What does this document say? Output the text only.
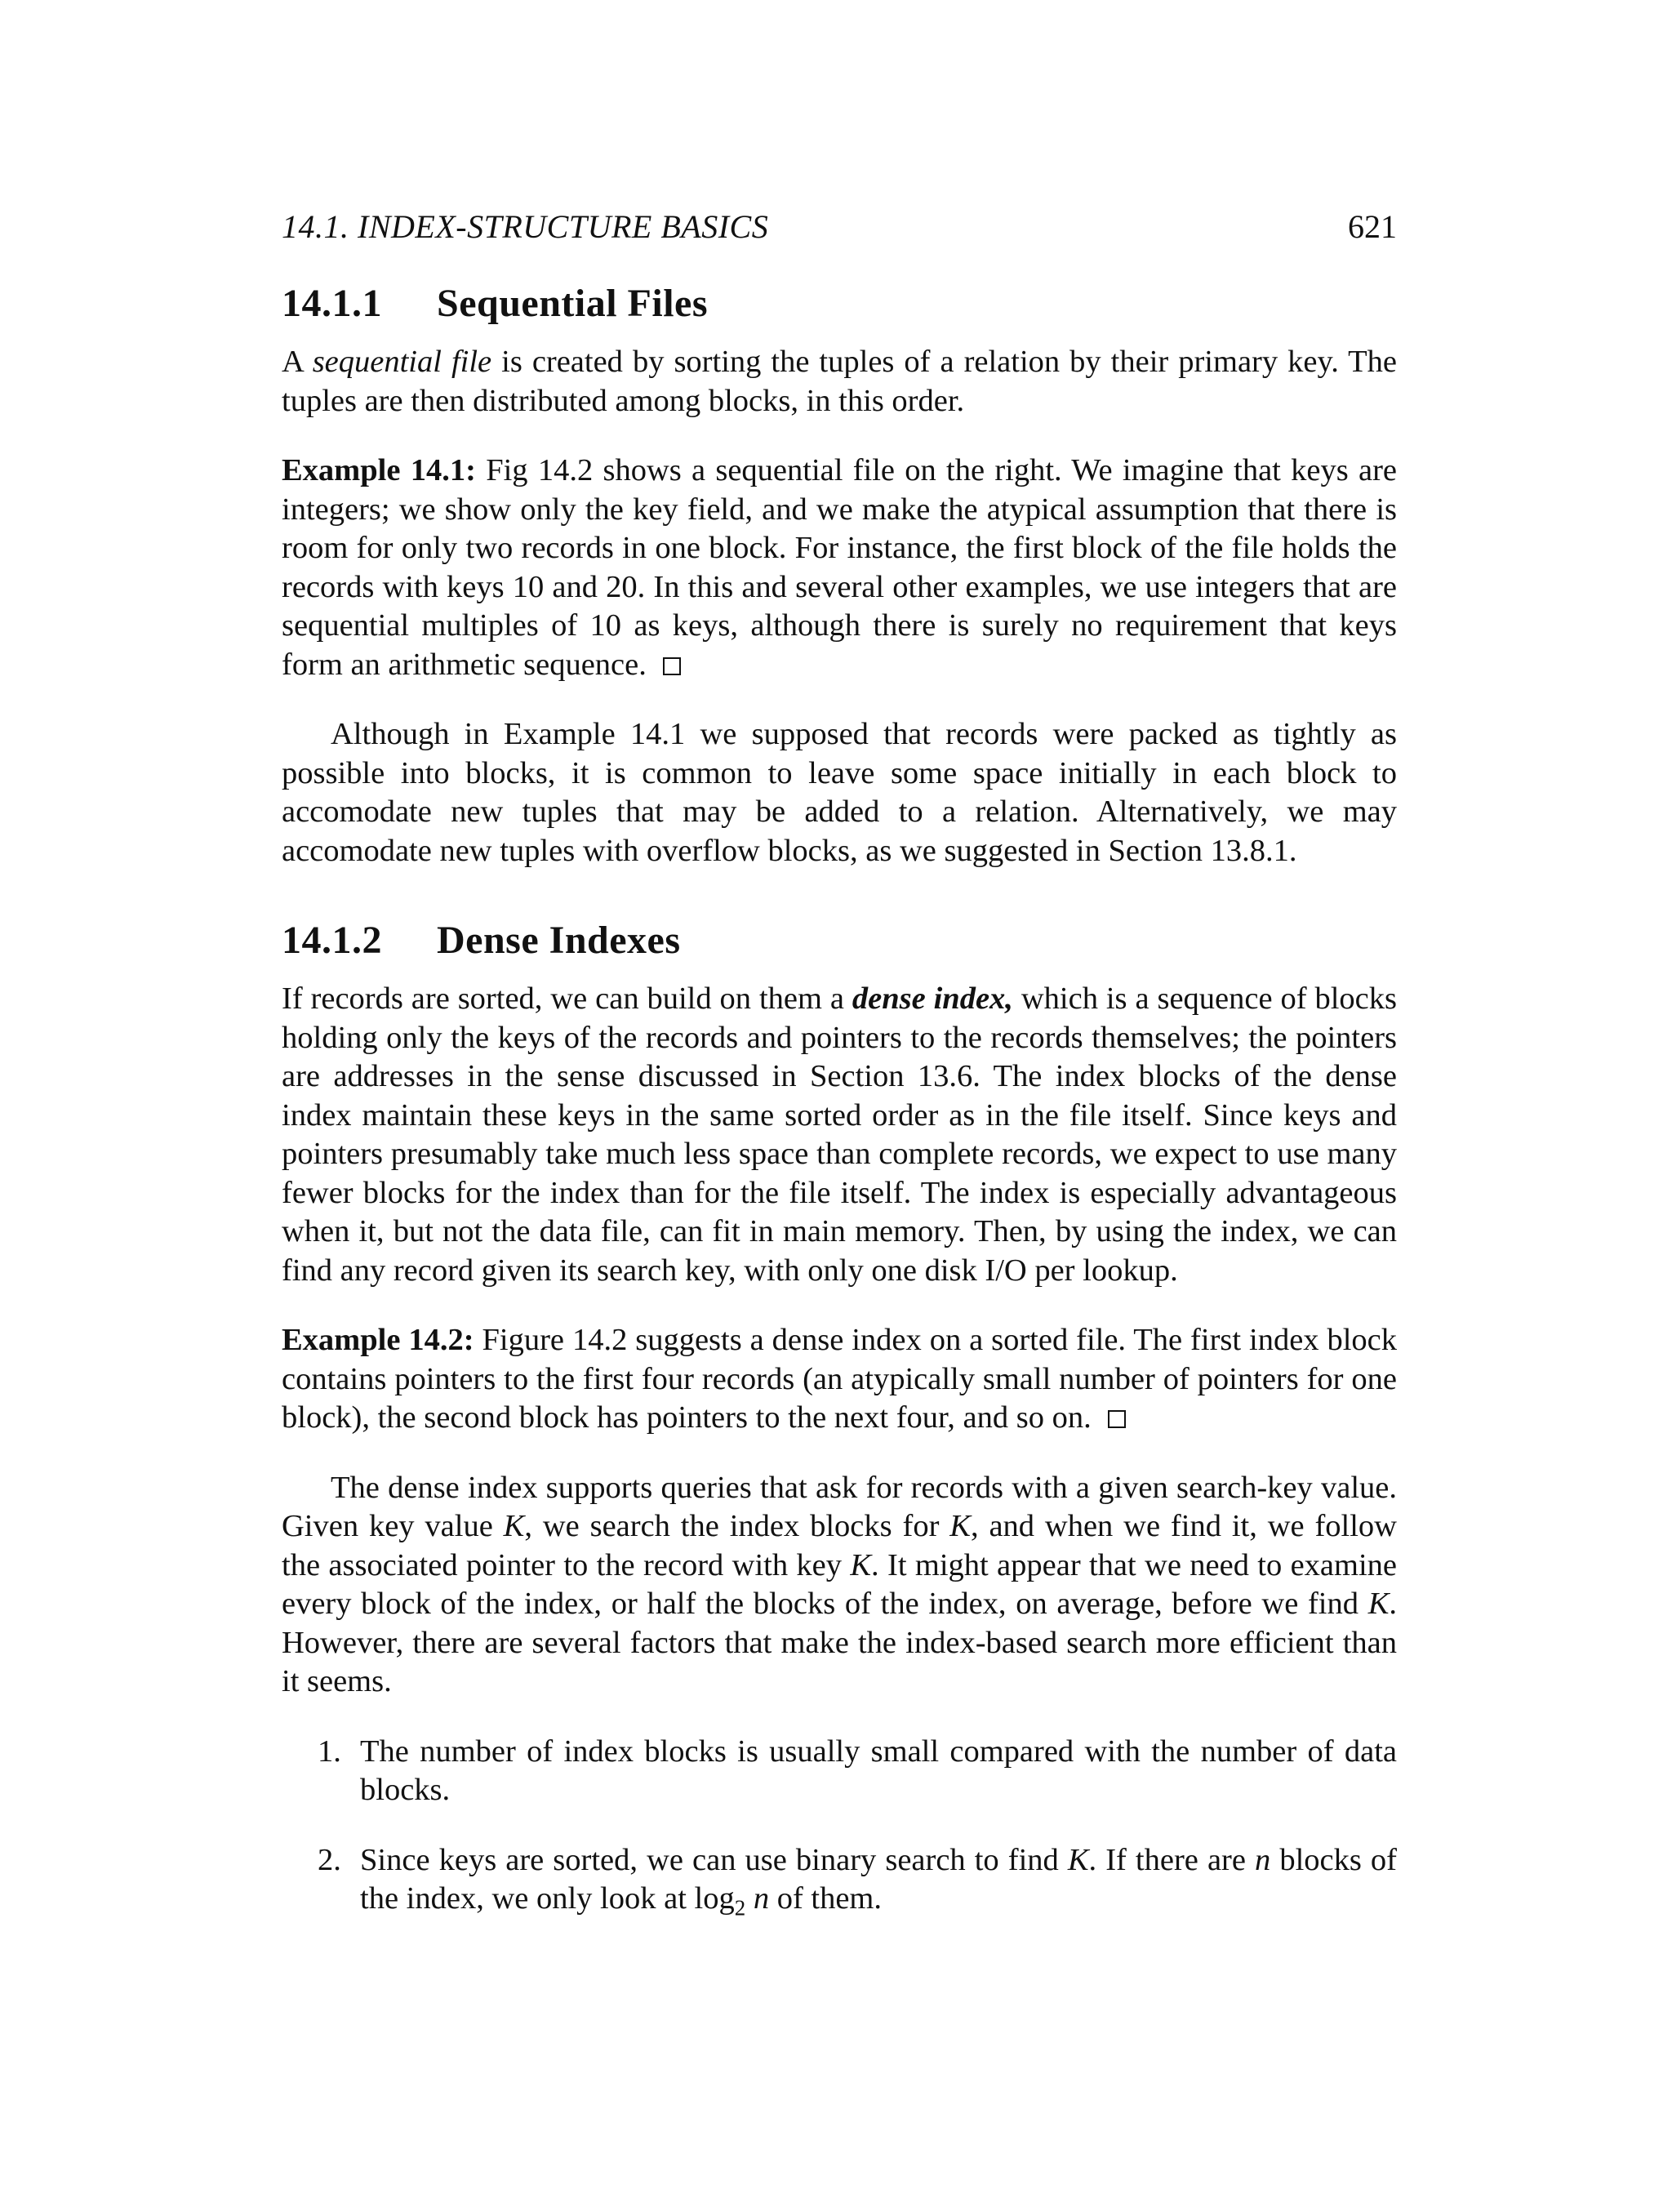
14.1. INDEX-STRUCTURE BASICS	621
14.1.1 Sequential Files

A sequential file is created by sorting the tuples of a relation by their primary key. The tuples are then distributed among blocks, in this order.

Example 14.1: Fig 14.2 shows a sequential file on the right. We imagine that keys are integers; we show only the key field, and we make the atypical assumption that there is room for only two records in one block. For instance, the first block of the file holds the records with keys 10 and 20. In this and several other examples, we use integers that are sequential multiples of 10 as keys, although there is surely no requirement that keys form an arithmetic sequence.

Although in Example 14.1 we supposed that records were packed as tightly as possible into blocks, it is common to leave some space initially in each block to accomodate new tuples that may be added to a relation. Alternatively, we may accomodate new tuples with overflow blocks, as we suggested in Section 13.8.1.

14.1.2 Dense Indexes

If records are sorted, we can build on them a dense index, which is a sequence of blocks holding only the keys of the records and pointers to the records themselves; the pointers are addresses in the sense discussed in Section 13.6. The index blocks of the dense index maintain these keys in the same sorted order as in the file itself. Since keys and pointers presumably take much less space than complete records, we expect to use many fewer blocks for the index than for the file itself. The index is especially advantageous when it, but not the data file, can fit in main memory. Then, by using the index, we can find any record given its search key, with only one disk I/O per lookup.

Example 14.2: Figure 14.2 suggests a dense index on a sorted file. The first index block contains pointers to the first four records (an atypically small number of pointers for one block), the second block has pointers to the next four, and so on.

The dense index supports queries that ask for records with a given search-key value. Given key value K, we search the index blocks for K, and when we find it, we follow the associated pointer to the record with key K. It might appear that we need to examine every block of the index, or half the blocks of the index, on average, before we find K. However, there are several factors that make the index-based search more efficient than it seems.

1. The number of index blocks is usually small compared with the number of data blocks.
2. Since keys are sorted, we can use binary search to find K. If there are n blocks of the index, we only look at $\log_2 n$ of them.
